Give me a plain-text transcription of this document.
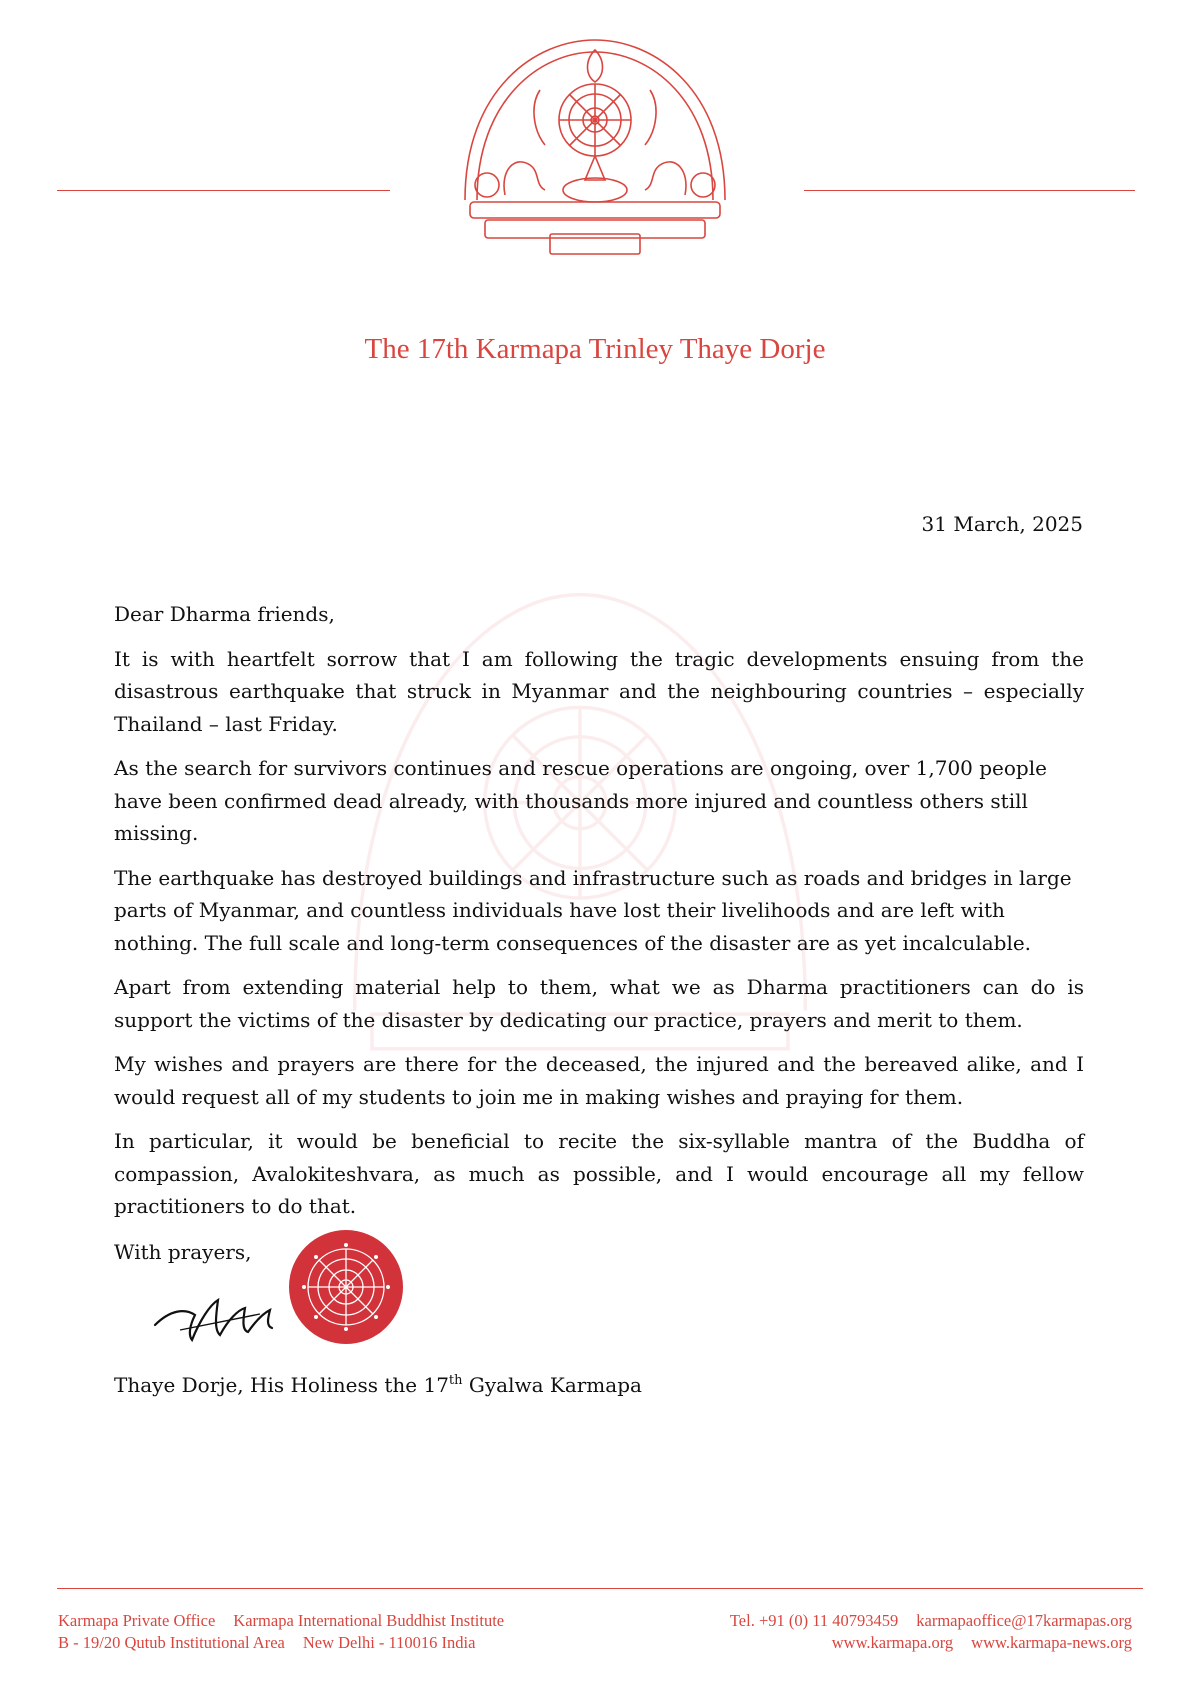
The 17th Karmapa Trinley Thaye Dorje
31 March, 2025

Dear Dharma friends,

It is with heartfelt sorrow that I am following the tragic developments ensuing from the disastrous earthquake that struck in Myanmar and the neighbouring countries – especially Thailand – last Friday.

As the search for survivors continues and rescue operations are ongoing, over 1,700 people have been confirmed dead already, with thousands more injured and countless others still missing.

The earthquake has destroyed buildings and infrastructure such as roads and bridges in large parts of Myanmar, and countless individuals have lost their livelihoods and are left with nothing. The full scale and long-term consequences of the disaster are as yet incalculable.

Apart from extending material help to them, what we as Dharma practitioners can do is support the victims of the disaster by dedicating our practice, prayers and merit to them.

My wishes and prayers are there for the deceased, the injured and the bereaved alike, and I would request all of my students to join me in making wishes and praying for them.

In particular, it would be beneficial to recite the six-syllable mantra of the Buddha of compassion, Avalokiteshvara, as much as possible, and I would encourage all my fellow practitioners to do that.

With prayers,
Thaye Dorje, His Holiness the 17th Gyalwa Karmapa
Karmapa Private Office Karmapa International Buddhist Institute
B - 19/20 Qutub Institutional Area New Delhi - 110016 India
Tel. +91 (0) 11 40793459 karmapaoffice@17karmapas.org
www.karmapa.org www.karmapa-news.org
